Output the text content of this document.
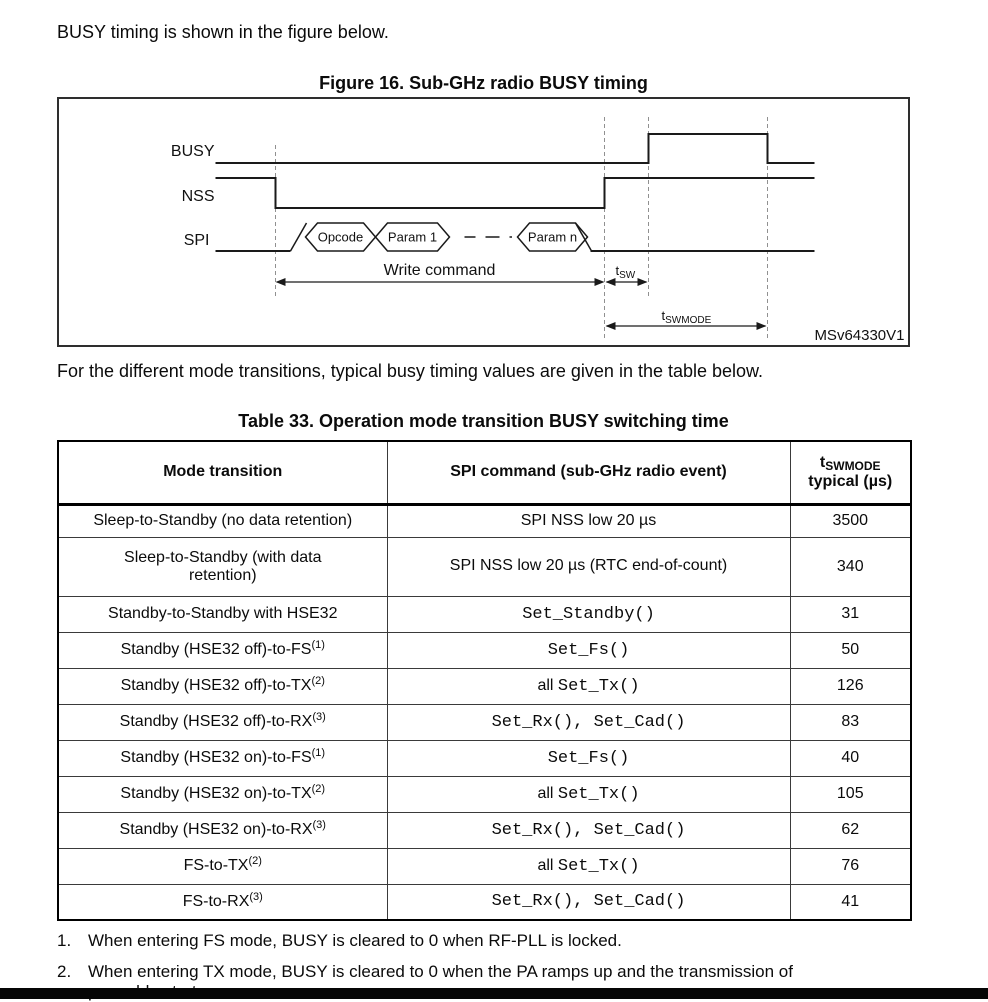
BUSY timing is shown in the figure below.

Figure 16. Sub-GHz radio BUSY timing
BUSY
NSS
SPI	Opcode Param 1	Param n
Write command	$t_{SW}$
$t_{SWMODE}$
MSv64330V1

For the different mode transitions, typical busy timing values are given in the table below.

Table 33. Operation mode transition BUSY switching time
Mode transition	SPI command (sub-GHz radio event)	tSWMODE
typical (µs)

Sleep-to-Standby (no data retention)	SPI NSS low 20 µs	3500
Sleep-to-Standby (with data
retention)	SPI NSS low 20 µs (RTC end-of-count)	340
Standby-to-Standby with HSE32	Set_Standby()	31
Standby (HSE32 off)-to-FS$^{(1)}$	Set_Fs()	50
Standby (HSE32 off)-to-TX$^{(2)}$	all Set_Tx()	126
Standby (HSE32 off)-to-RX$^{(3)}$	Set_Rx(), Set_Cad()	83
Standby (HSE32 on)-to-FS$^{(1)}$	Set_Fs()	40
Standby (HSE32 on)-to-TX$^{(2)}$	all Set_Tx()	105
Standby (HSE32 on)-to-RX$^{(3)}$	Set_Rx(), Set_Cad()	62
FS-to-TX$^{(2)}$	all Set_Tx()	76
FS-to-RX$^{(3)}$	Set_Rx(), Set_Cad()	41
1. When entering FS mode, BUSY is cleared to 0 when RF-PLL is locked.
2. When entering TX mode, BUSY is cleared to 0 when the PA ramps up and the transmission of
